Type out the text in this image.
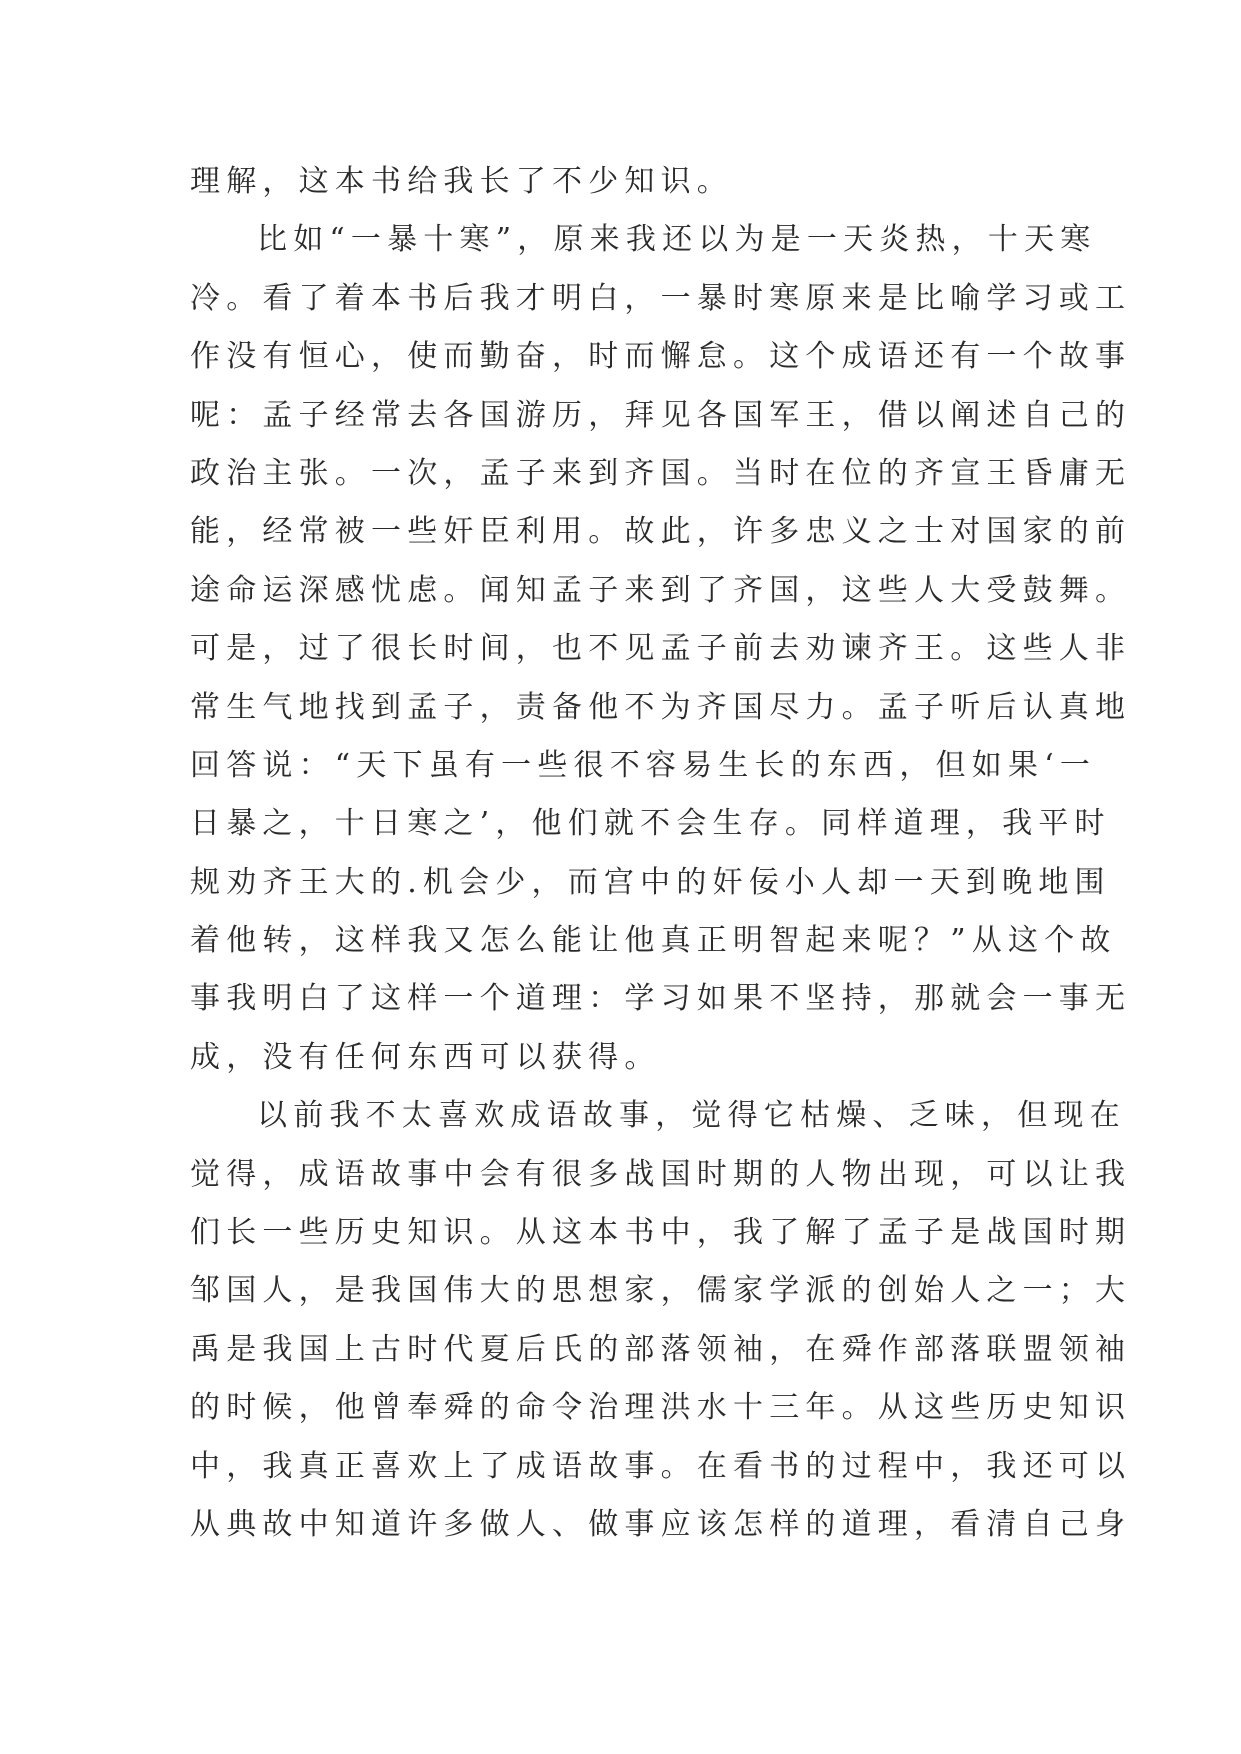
理解，这本书给我长了不少知识。
比如“一暴十寒”，原来我还以为是一天炎热，十天寒
冷。看了着本书后我才明白，一暴时寒原来是比喻学习或工
作没有恒心，使而勤奋，时而懈怠。这个成语还有一个故事
呢：孟子经常去各国游历，拜见各国军王，借以阐述自己的
政治主张。一次，孟子来到齐国。当时在位的齐宣王昏庸无
能，经常被一些奸臣利用。故此，许多忠义之士对国家的前
途命运深感忧虑。闻知孟子来到了齐国，这些人大受鼓舞。
可是，过了很长时间，也不见孟子前去劝谏齐王。这些人非
常生气地找到孟子，责备他不为齐国尽力。孟子听后认真地
回答说：“天下虽有一些很不容易生长的东西，但如果‘一
日暴之，十日寒之’，他们就不会生存。同样道理，我平时
规劝齐王大的.机会少，而宫中的奸佞小人却一天到晚地围
着他转，这样我又怎么能让他真正明智起来呢？”从这个故
事我明白了这样一个道理：学习如果不坚持，那就会一事无
成，没有任何东西可以获得。
以前我不太喜欢成语故事，觉得它枯燥、乏味，但现在
觉得，成语故事中会有很多战国时期的人物出现，可以让我
们长一些历史知识。从这本书中，我了解了孟子是战国时期
邹国人，是我国伟大的思想家，儒家学派的创始人之一；大
禹是我国上古时代夏后氏的部落领袖，在舜作部落联盟领袖
的时候，他曾奉舜的命令治理洪水十三年。从这些历史知识
中，我真正喜欢上了成语故事。在看书的过程中，我还可以
从典故中知道许多做人、做事应该怎样的道理，看清自己身
